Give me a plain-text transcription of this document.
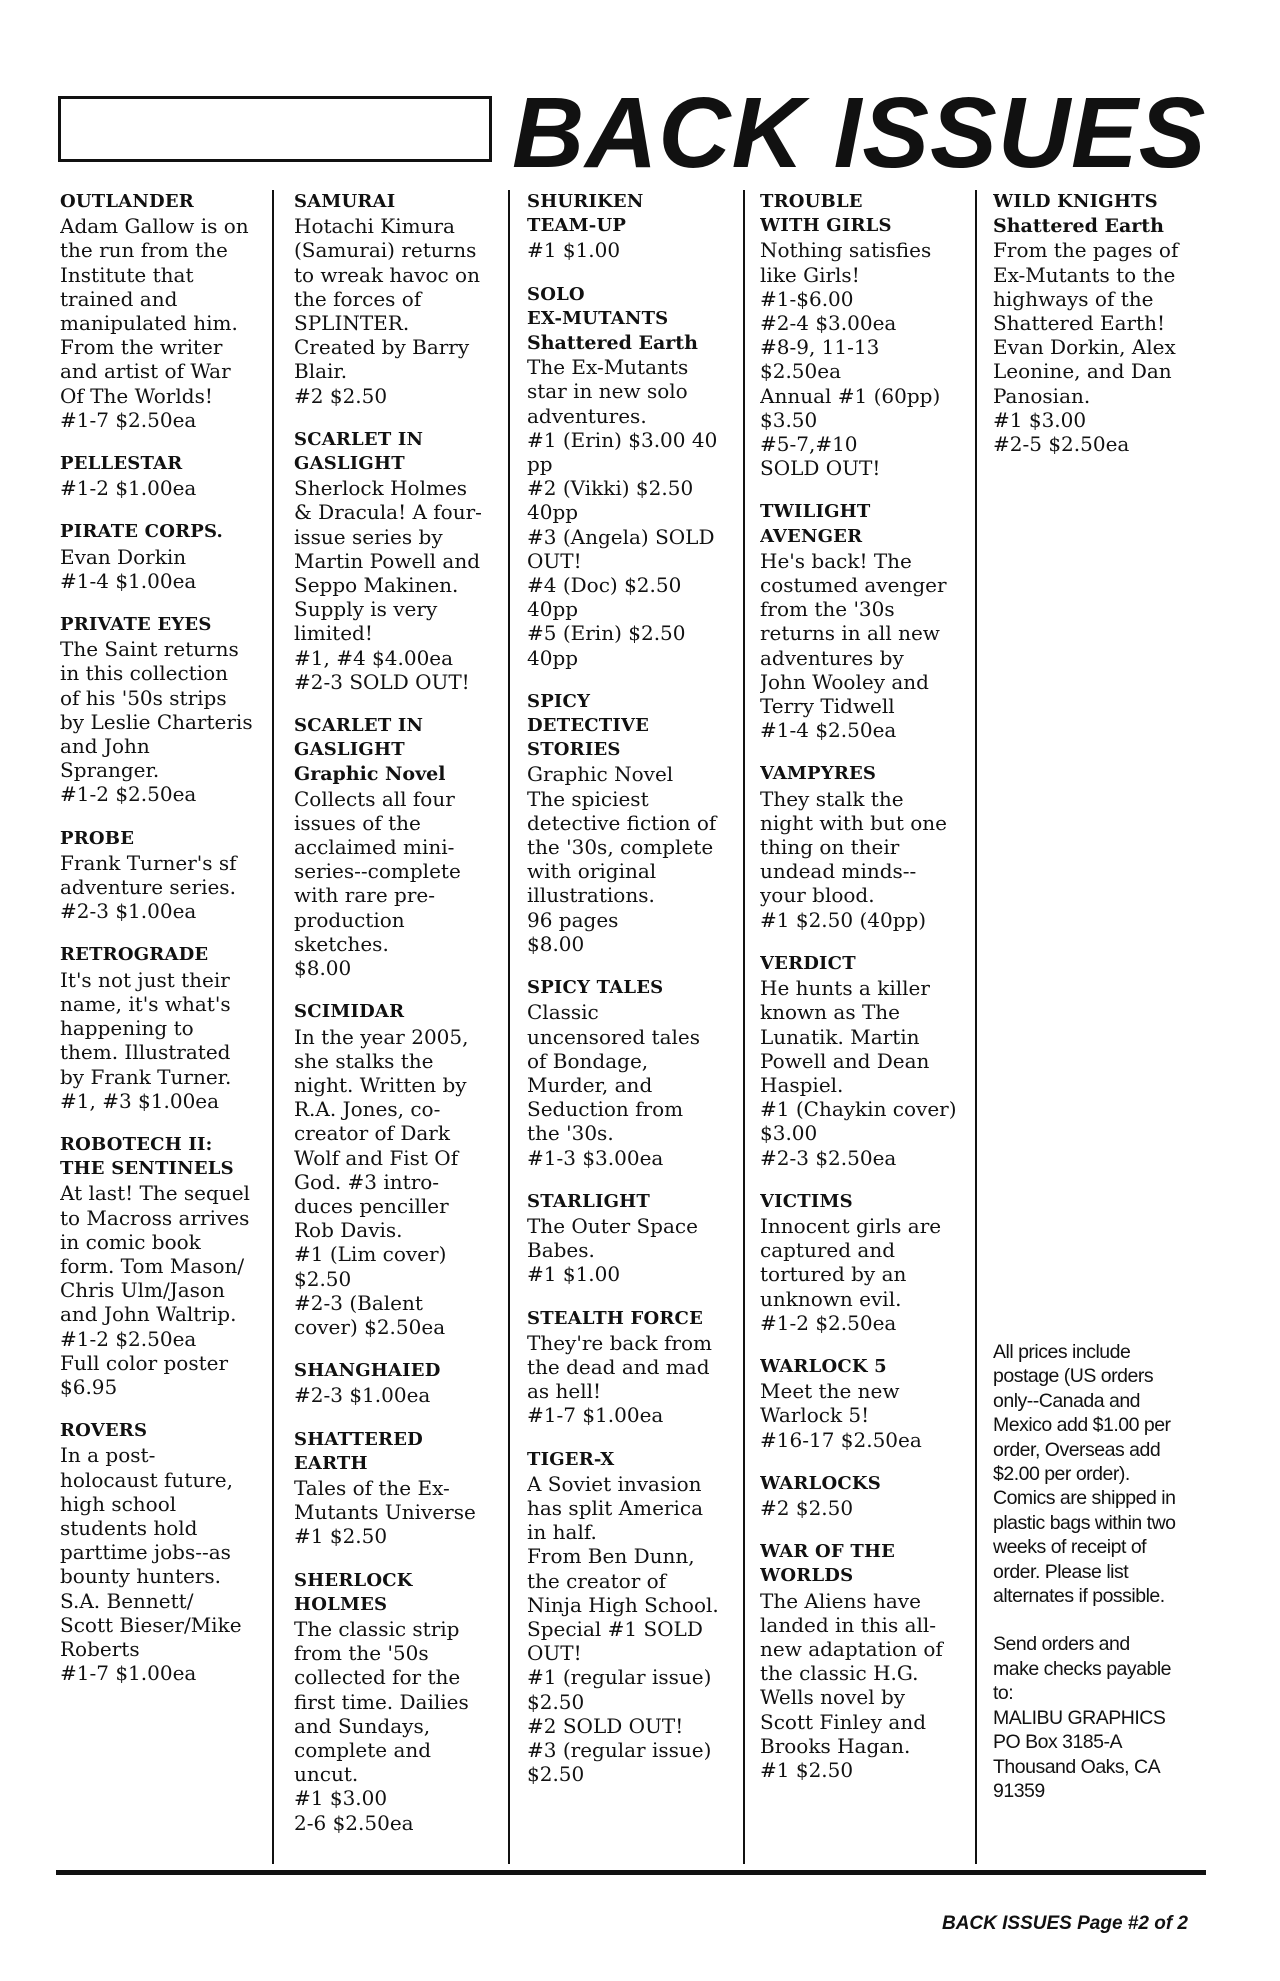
BACK ISSUES
OUTLANDER
Adam Gallow is on
the run from the
Institute that
trained and
manipulated him.
From the writer
and artist of War
Of The Worlds!
#1-7 $2.50ea
PELLESTAR
#1-2 $1.00ea
PIRATE CORPS.
Evan Dorkin
#1-4 $1.00ea
PRIVATE EYES
The Saint returns
in this collection
of his '50s strips
by Leslie Charteris
and John
Spranger.
#1-2 $2.50ea
PROBE
Frank Turner's sf
adventure series.
#2-3 $1.00ea
RETROGRADE
It's not just their
name, it's what's
happening to
them. Illustrated
by Frank Turner.
#1, #3 $1.00ea
ROBOTECH II:
THE SENTINELS
At last! The sequel
to Macross arrives
in comic book
form. Tom Mason/
Chris Ulm/Jason
and John Waltrip.
#1-2 $2.50ea
Full color poster
$6.95
ROVERS
In a post-
holocaust future,
high school
students hold
parttime jobs--as
bounty hunters.
S.A. Bennett/
Scott Bieser/Mike
Roberts
#1-7 $1.00ea
SAMURAI
Hotachi Kimura
(Samurai) returns
to wreak havoc on
the forces of
SPLINTER.
Created by Barry
Blair.
#2 $2.50
SCARLET IN
GASLIGHT
Sherlock Holmes
& Dracula! A four-
issue series by
Martin Powell and
Seppo Makinen.
Supply is very
limited!
#1, #4 $4.00ea
#2-3 SOLD OUT!
SCARLET IN
GASLIGHT
Graphic Novel
Collects all four
issues of the
acclaimed mini-
series--complete
with rare pre-
production
sketches.
$8.00
SCIMIDAR
In the year 2005,
she stalks the
night. Written by
R.A. Jones, co-
creator of Dark
Wolf and Fist Of
God. #3 intro-
duces penciller
Rob Davis.
#1 (Lim cover)
$2.50
#2-3 (Balent
cover) $2.50ea
SHANGHAIED
#2-3 $1.00ea
SHATTERED
EARTH
Tales of the Ex-
Mutants Universe
#1 $2.50
SHERLOCK
HOLMES
The classic strip
from the '50s
collected for the
first time. Dailies
and Sundays,
complete and
uncut.
#1 $3.00
2-6 $2.50ea
SHURIKEN
TEAM-UP
#1 $1.00
SOLO
EX-MUTANTS
Shattered Earth
The Ex-Mutants
star in new solo
adventures.
#1 (Erin) $3.00 40
pp
#2 (Vikki) $2.50
40pp
#3 (Angela) SOLD
OUT!
#4 (Doc) $2.50
40pp
#5 (Erin) $2.50
40pp
SPICY
DETECTIVE
STORIES
Graphic Novel
The spiciest
detective fiction of
the '30s, complete
with original
illustrations.
96 pages
$8.00
SPICY TALES
Classic
uncensored tales
of Bondage,
Murder, and
Seduction from
the '30s.
#1-3 $3.00ea
STARLIGHT
The Outer Space
Babes.
#1 $1.00
STEALTH FORCE
They're back from
the dead and mad
as hell!
#1-7 $1.00ea
TIGER-X
A Soviet invasion
has split America
in half.
From Ben Dunn,
the creator of
Ninja High School.
Special #1 SOLD
OUT!
#1 (regular issue)
$2.50
#2 SOLD OUT!
#3 (regular issue)
$2.50
TROUBLE
WITH GIRLS
Nothing satisfies
like Girls!
#1-$6.00
#2-4 $3.00ea
#8-9, 11-13
$2.50ea
Annual #1 (60pp)
$3.50
#5-7,#10
SOLD OUT!
TWILIGHT
AVENGER
He's back! The
costumed avenger
from the '30s
returns in all new
adventures by
John Wooley and
Terry Tidwell
#1-4 $2.50ea
VAMPYRES
They stalk the
night with but one
thing on their
undead minds--
your blood.
#1 $2.50 (40pp)
VERDICT
He hunts a killer
known as The
Lunatik. Martin
Powell and Dean
Haspiel.
#1 (Chaykin cover)
$3.00
#2-3 $2.50ea
VICTIMS
Innocent girls are
captured and
tortured by an
unknown evil.
#1-2 $2.50ea
WARLOCK 5
Meet the new
Warlock 5!
#16-17 $2.50ea
WARLOCKS
#2 $2.50
WAR OF THE
WORLDS
The Aliens have
landed in this all-
new adaptation of
the classic H.G.
Wells novel by
Scott Finley and
Brooks Hagan.
#1 $2.50
WILD KNIGHTS
Shattered Earth
From the pages of
Ex-Mutants to the
highways of the
Shattered Earth!
Evan Dorkin, Alex
Leonine, and Dan
Panosian.
#1 $3.00
#2-5 $2.50ea

All prices include
postage (US orders
only--Canada and
Mexico add $1.00 per
order, Overseas add
$2.00 per order).
Comics are shipped in
plastic bags within two
weeks of receipt of
order. Please list
alternates if possible.

Send orders and
make checks payable
to:
MALIBU GRAPHICS
PO Box 3185-A
Thousand Oaks, CA
91359

BACK ISSUES Page #2 of 2
